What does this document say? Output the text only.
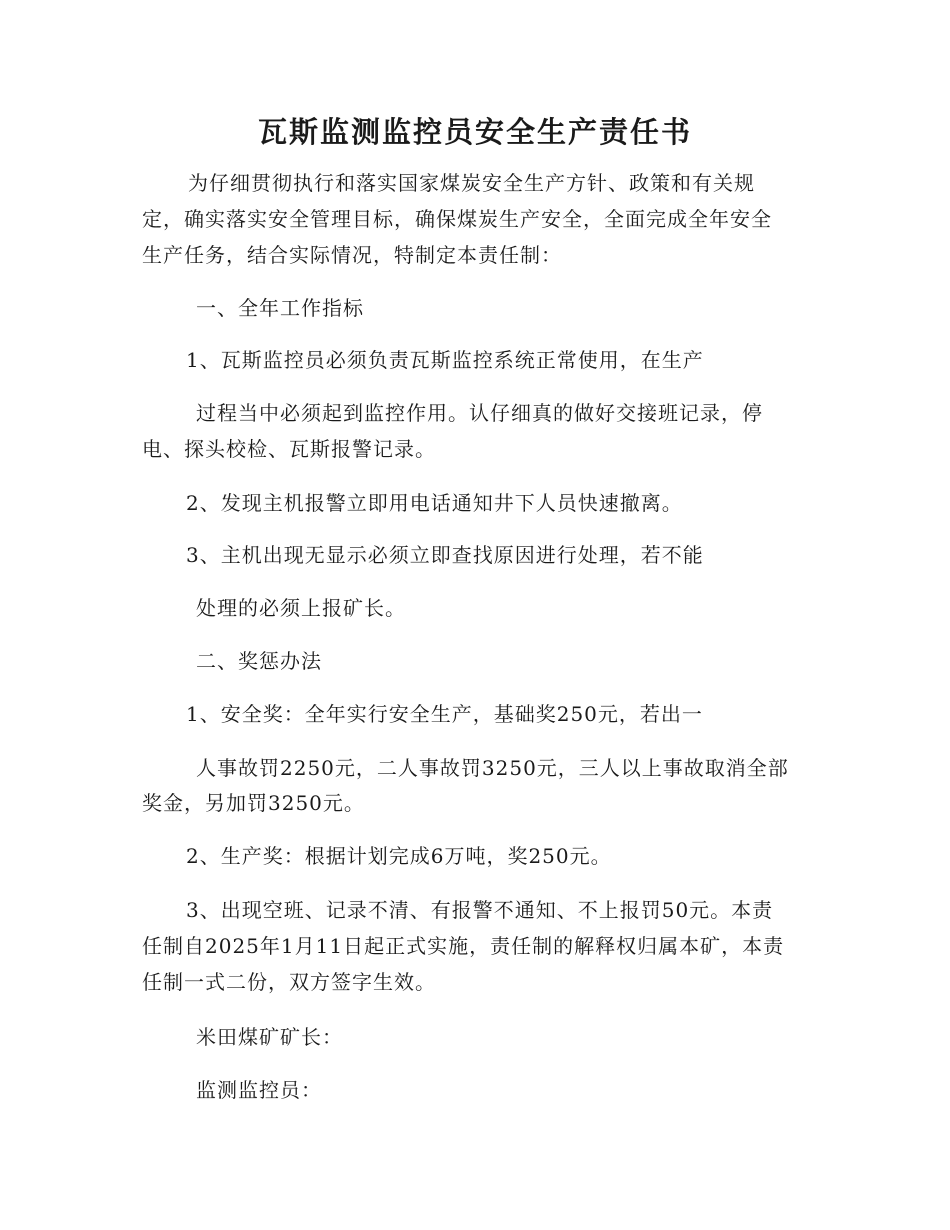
瓦斯监测监控员安全生产责任书

为仔细贯彻执行和落实国家煤炭安全生产方针、政策和有关规

定，确实落实安全管理目标，确保煤炭生产安全，全面完成全年安全

生产任务，结合实际情况，特制定本责任制：

一、全年工作指标

1、瓦斯监控员必须负责瓦斯监控系统正常使用，在生产

过程当中必须起到监控作用。认仔细真的做好交接班记录，停

电、探头校检、瓦斯报警记录。

2、发现主机报警立即用电话通知井下人员快速撤离。

3、主机出现无显示必须立即查找原因进行处理，若不能

处理的必须上报矿长。

二、奖惩办法

1、安全奖：全年实行安全生产，基础奖250元，若出一

人事故罚2250元，二人事故罚3250元，三人以上事故取消全部

奖金，另加罚3250元。

2、生产奖：根据计划完成6万吨，奖250元。

3、出现空班、记录不清、有报警不通知、不上报罚50元。本责

任制自2025年1月11日起正式实施，责任制的解释权归属本矿，本责

任制一式二份，双方签字生效。

米田煤矿矿长：

监测监控员：
